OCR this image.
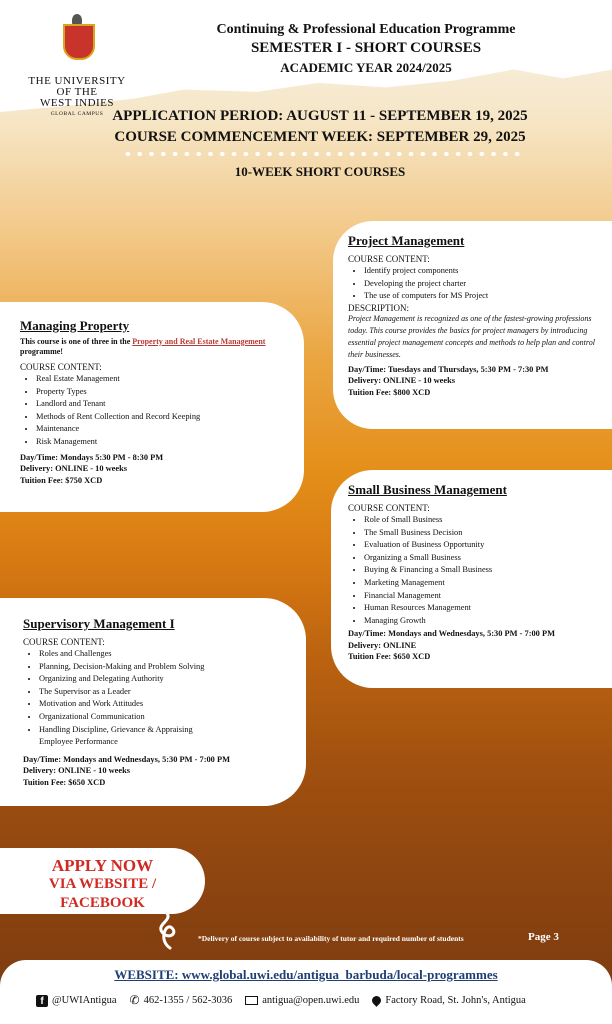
THE UNIVERSITY
OF THE
WEST INDIES
GLOBAL CAMPUS
Continuing & Professional Education Programme
SEMESTER I - SHORT COURSES
ACADEMIC YEAR 2024/2025
APPLICATION PERIOD: AUGUST 11 - SEPTEMBER 19, 2025
COURSE COMMENCEMENT WEEK: SEPTEMBER 29, 2025
10-WEEK SHORT COURSES
Project Management
COURSE CONTENT:
• Identify project components
• Developing the project charter
• The use of computers for MS Project
DESCRIPTION:
Project Management is recognized as one of the fastest-growing professions today. This course provides the basics for project managers by introducing essential project management concepts and methods to help plan and control their businesses.
Day/Time: Tuesdays and Thursdays, 5:30 PM - 7:30 PM
Delivery: ONLINE - 10 weeks
Tuition Fee: $800 XCD
Managing Property
This course is one of three in the Property and Real Estate Management programme!
COURSE CONTENT:
• Real Estate Management
• Property Types
• Landlord and Tenant
• Methods of Rent Collection and Record Keeping
• Maintenance
• Risk Management
Day/Time: Mondays 5:30 PM - 8:30 PM
Delivery: ONLINE - 10 weeks
Tuition Fee: $750 XCD
Small Business Management
COURSE CONTENT:
• Role of Small Business
• The Small Business Decision
• Evaluation of Business Opportunity
• Organizing a Small Business
• Buying & Financing a Small Business
• Marketing Management
• Financial Management
• Human Resources Management
• Managing Growth
Day/Time: Mondays and Wednesdays, 5:30 PM - 7:00 PM
Delivery: ONLINE
Tuition Fee: $650 XCD
Supervisory Management I
COURSE CONTENT:
• Roles and Challenges
• Planning, Decision-Making and Problem Solving
• Organizing and Delegating Authority
• The Supervisor as a Leader
• Motivation and Work Attitudes
• Organizational Communication
• Handling Discipline, Grievance & Appraising Employee Performance
Day/Time: Mondays and Wednesdays, 5:30 PM - 7:00 PM
Delivery: ONLINE - 10 weeks
Tuition Fee: $650 XCD
APPLY NOW
VIA WEBSITE /
FACEBOOK
*Delivery of course subject to availability of tutor and required number of students	Page 3
WEBSITE: www.global.uwi.edu/antigua_barbuda/local-programmes
f @UWIAntigua ✆ 462-1355 / 562-3036	antigua@open.uwi.edu Factory Road, St. John's, Antigua
